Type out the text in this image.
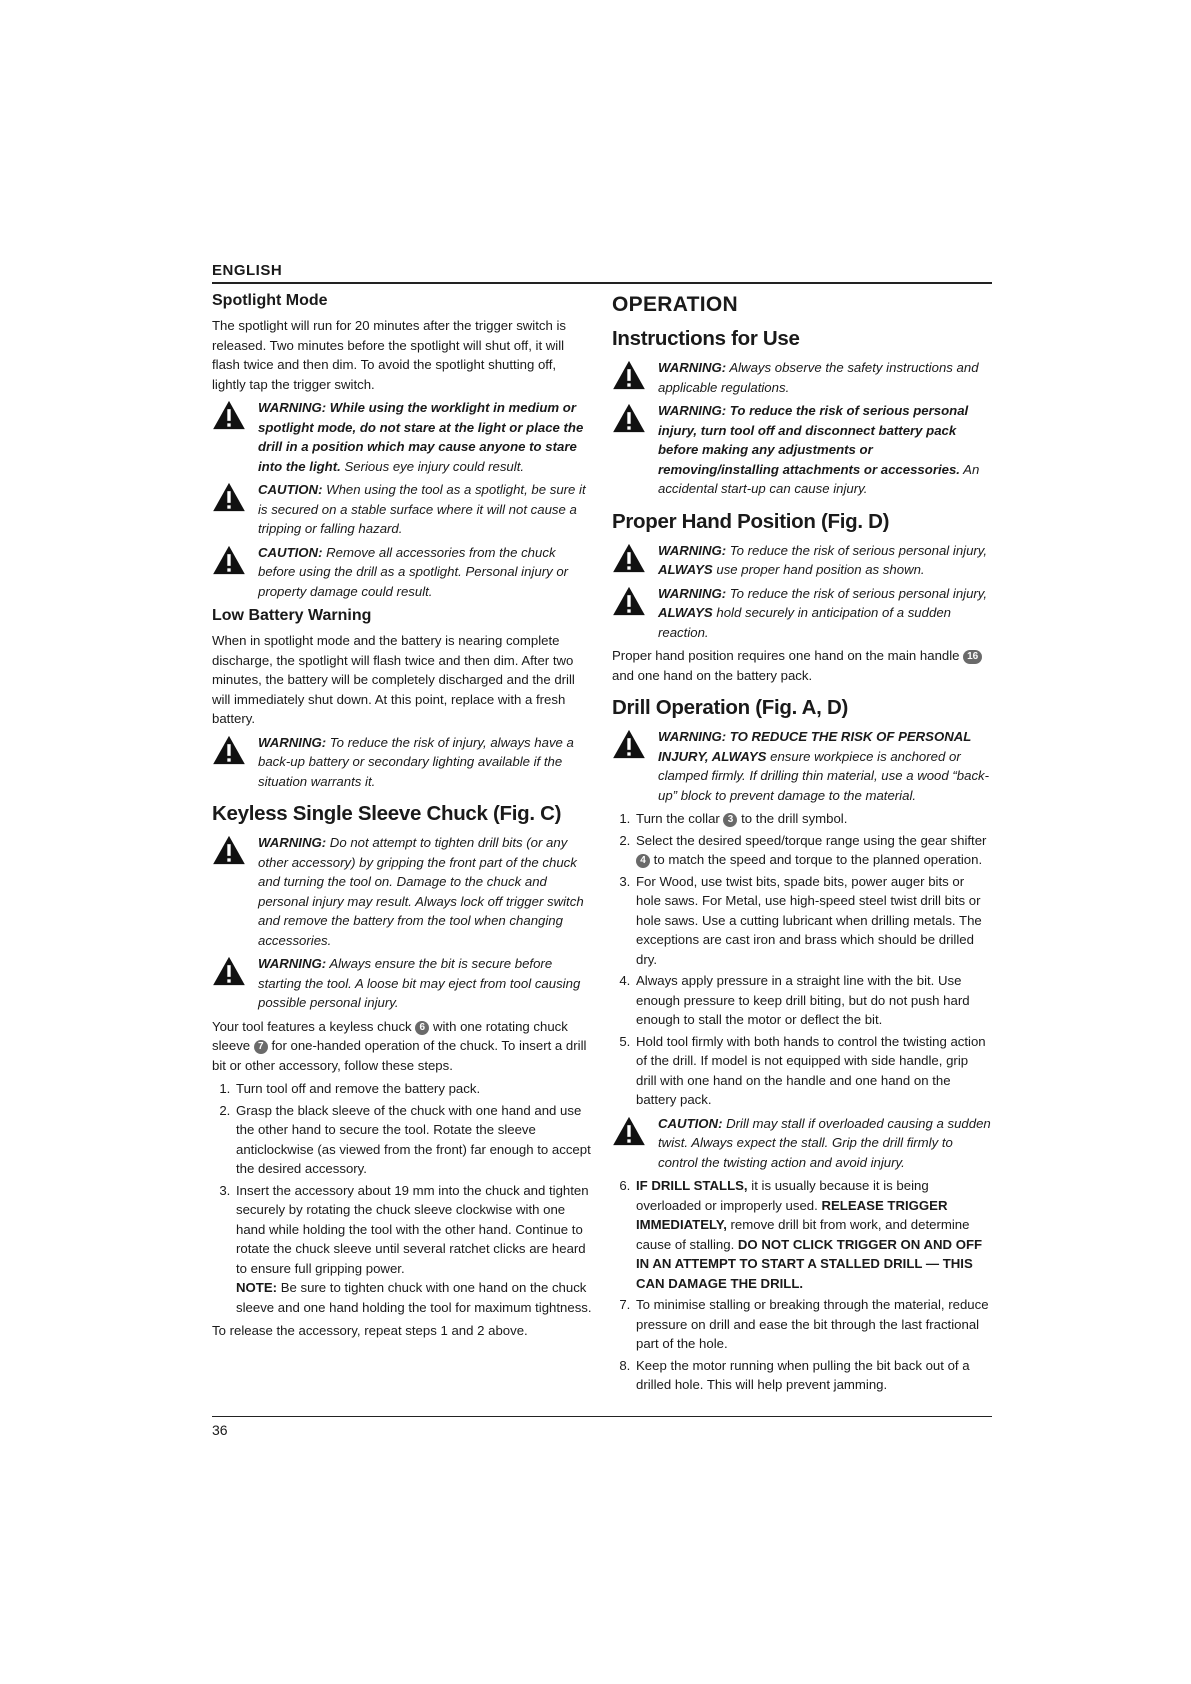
ENGLISH
Spotlight Mode

The spotlight will run for 20 minutes after the trigger switch is released. Two minutes before the spotlight will shut off, it will flash twice and then dim. To avoid the spotlight shutting off, lightly tap the trigger switch.

WARNING: While using the worklight in medium or spotlight mode, do not stare at the light or place the drill in a position which may cause anyone to stare into the light. Serious eye injury could result.
CAUTION: When using the tool as a spotlight, be sure it is secured on a stable surface where it will not cause a tripping or falling hazard.
CAUTION: Remove all accessories from the chuck before using the drill as a spotlight. Personal injury or property damage could result.
Low Battery Warning

When in spotlight mode and the battery is nearing complete discharge, the spotlight will flash twice and then dim. After two minutes, the battery will be completely discharged and the drill will immediately shut down. At this point, replace with a fresh battery.

WARNING: To reduce the risk of injury, always have a back-up battery or secondary lighting available if the situation warrants it.
Keyless Single Sleeve Chuck (Fig. C)
WARNING: Do not attempt to tighten drill bits (or any other accessory) by gripping the front part of the chuck and turning the tool on. Damage to the chuck and personal injury may result. Always lock off trigger switch and remove the battery from the tool when changing accessories.
WARNING: Always ensure the bit is secure before starting the tool. A loose bit may eject from tool causing possible personal injury.

Your tool features a keyless chuck 6 with one rotating chuck sleeve 7 for one-handed operation of the chuck. To insert a drill bit or other accessory, follow these steps.

1. Turn tool off and remove the battery pack.
2. Grasp the black sleeve of the chuck with one hand and use the other hand to secure the tool. Rotate the sleeve anticlockwise (as viewed from the front) far enough to accept the desired accessory.
3. Insert the accessory about 19 mm into the chuck and tighten securely by rotating the chuck sleeve clockwise with one hand while holding the tool with the other hand. Continue to rotate the chuck sleeve until several ratchet clicks are heard to ensure full gripping power.
NOTE: Be sure to tighten chuck with one hand on the chuck sleeve and one hand holding the tool for maximum tightness.

To release the accessory, repeat steps 1 and 2 above.

OPERATION
Instructions for Use
WARNING: Always observe the safety instructions and applicable regulations.
WARNING: To reduce the risk of serious personal injury, turn tool off and disconnect battery pack before making any adjustments or removing/installing attachments or accessories. An accidental start-up can cause injury.
Proper Hand Position (Fig. D)
WARNING: To reduce the risk of serious personal injury, ALWAYS use proper hand position as shown.
WARNING: To reduce the risk of serious personal injury, ALWAYS hold securely in anticipation of a sudden reaction.

Proper hand position requires one hand on the main handle 16 and one hand on the battery pack.

Drill Operation (Fig. A, D)
WARNING: TO REDUCE THE RISK OF PERSONAL INJURY, ALWAYS ensure workpiece is anchored or clamped firmly. If drilling thin material, use a wood “back-up” block to prevent damage to the material.
1. Turn the collar 3 to the drill symbol.
2. Select the desired speed/torque range using the gear shifter 4 to match the speed and torque to the planned operation.
3. For Wood, use twist bits, spade bits, power auger bits or hole saws. For Metal, use high-speed steel twist drill bits or hole saws. Use a cutting lubricant when drilling metals. The exceptions are cast iron and brass which should be drilled dry.
4. Always apply pressure in a straight line with the bit. Use enough pressure to keep drill biting, but do not push hard enough to stall the motor or deflect the bit.
5. Hold tool firmly with both hands to control the twisting action of the drill. If model is not equipped with side handle, grip drill with one hand on the handle and one hand on the battery pack.
CAUTION: Drill may stall if overloaded causing a sudden twist. Always expect the stall. Grip the drill firmly to control the twisting action and avoid injury.
6. IF DRILL STALLS, it is usually because it is being overloaded or improperly used. RELEASE TRIGGER IMMEDIATELY, remove drill bit from work, and determine cause of stalling. DO NOT CLICK TRIGGER ON AND OFF IN AN ATTEMPT TO START A STALLED DRILL — THIS CAN DAMAGE THE DRILL.
7. To minimise stalling or breaking through the material, reduce pressure on drill and ease the bit through the last fractional part of the hole.
8. Keep the motor running when pulling the bit back out of a drilled hole. This will help prevent jamming.
36
